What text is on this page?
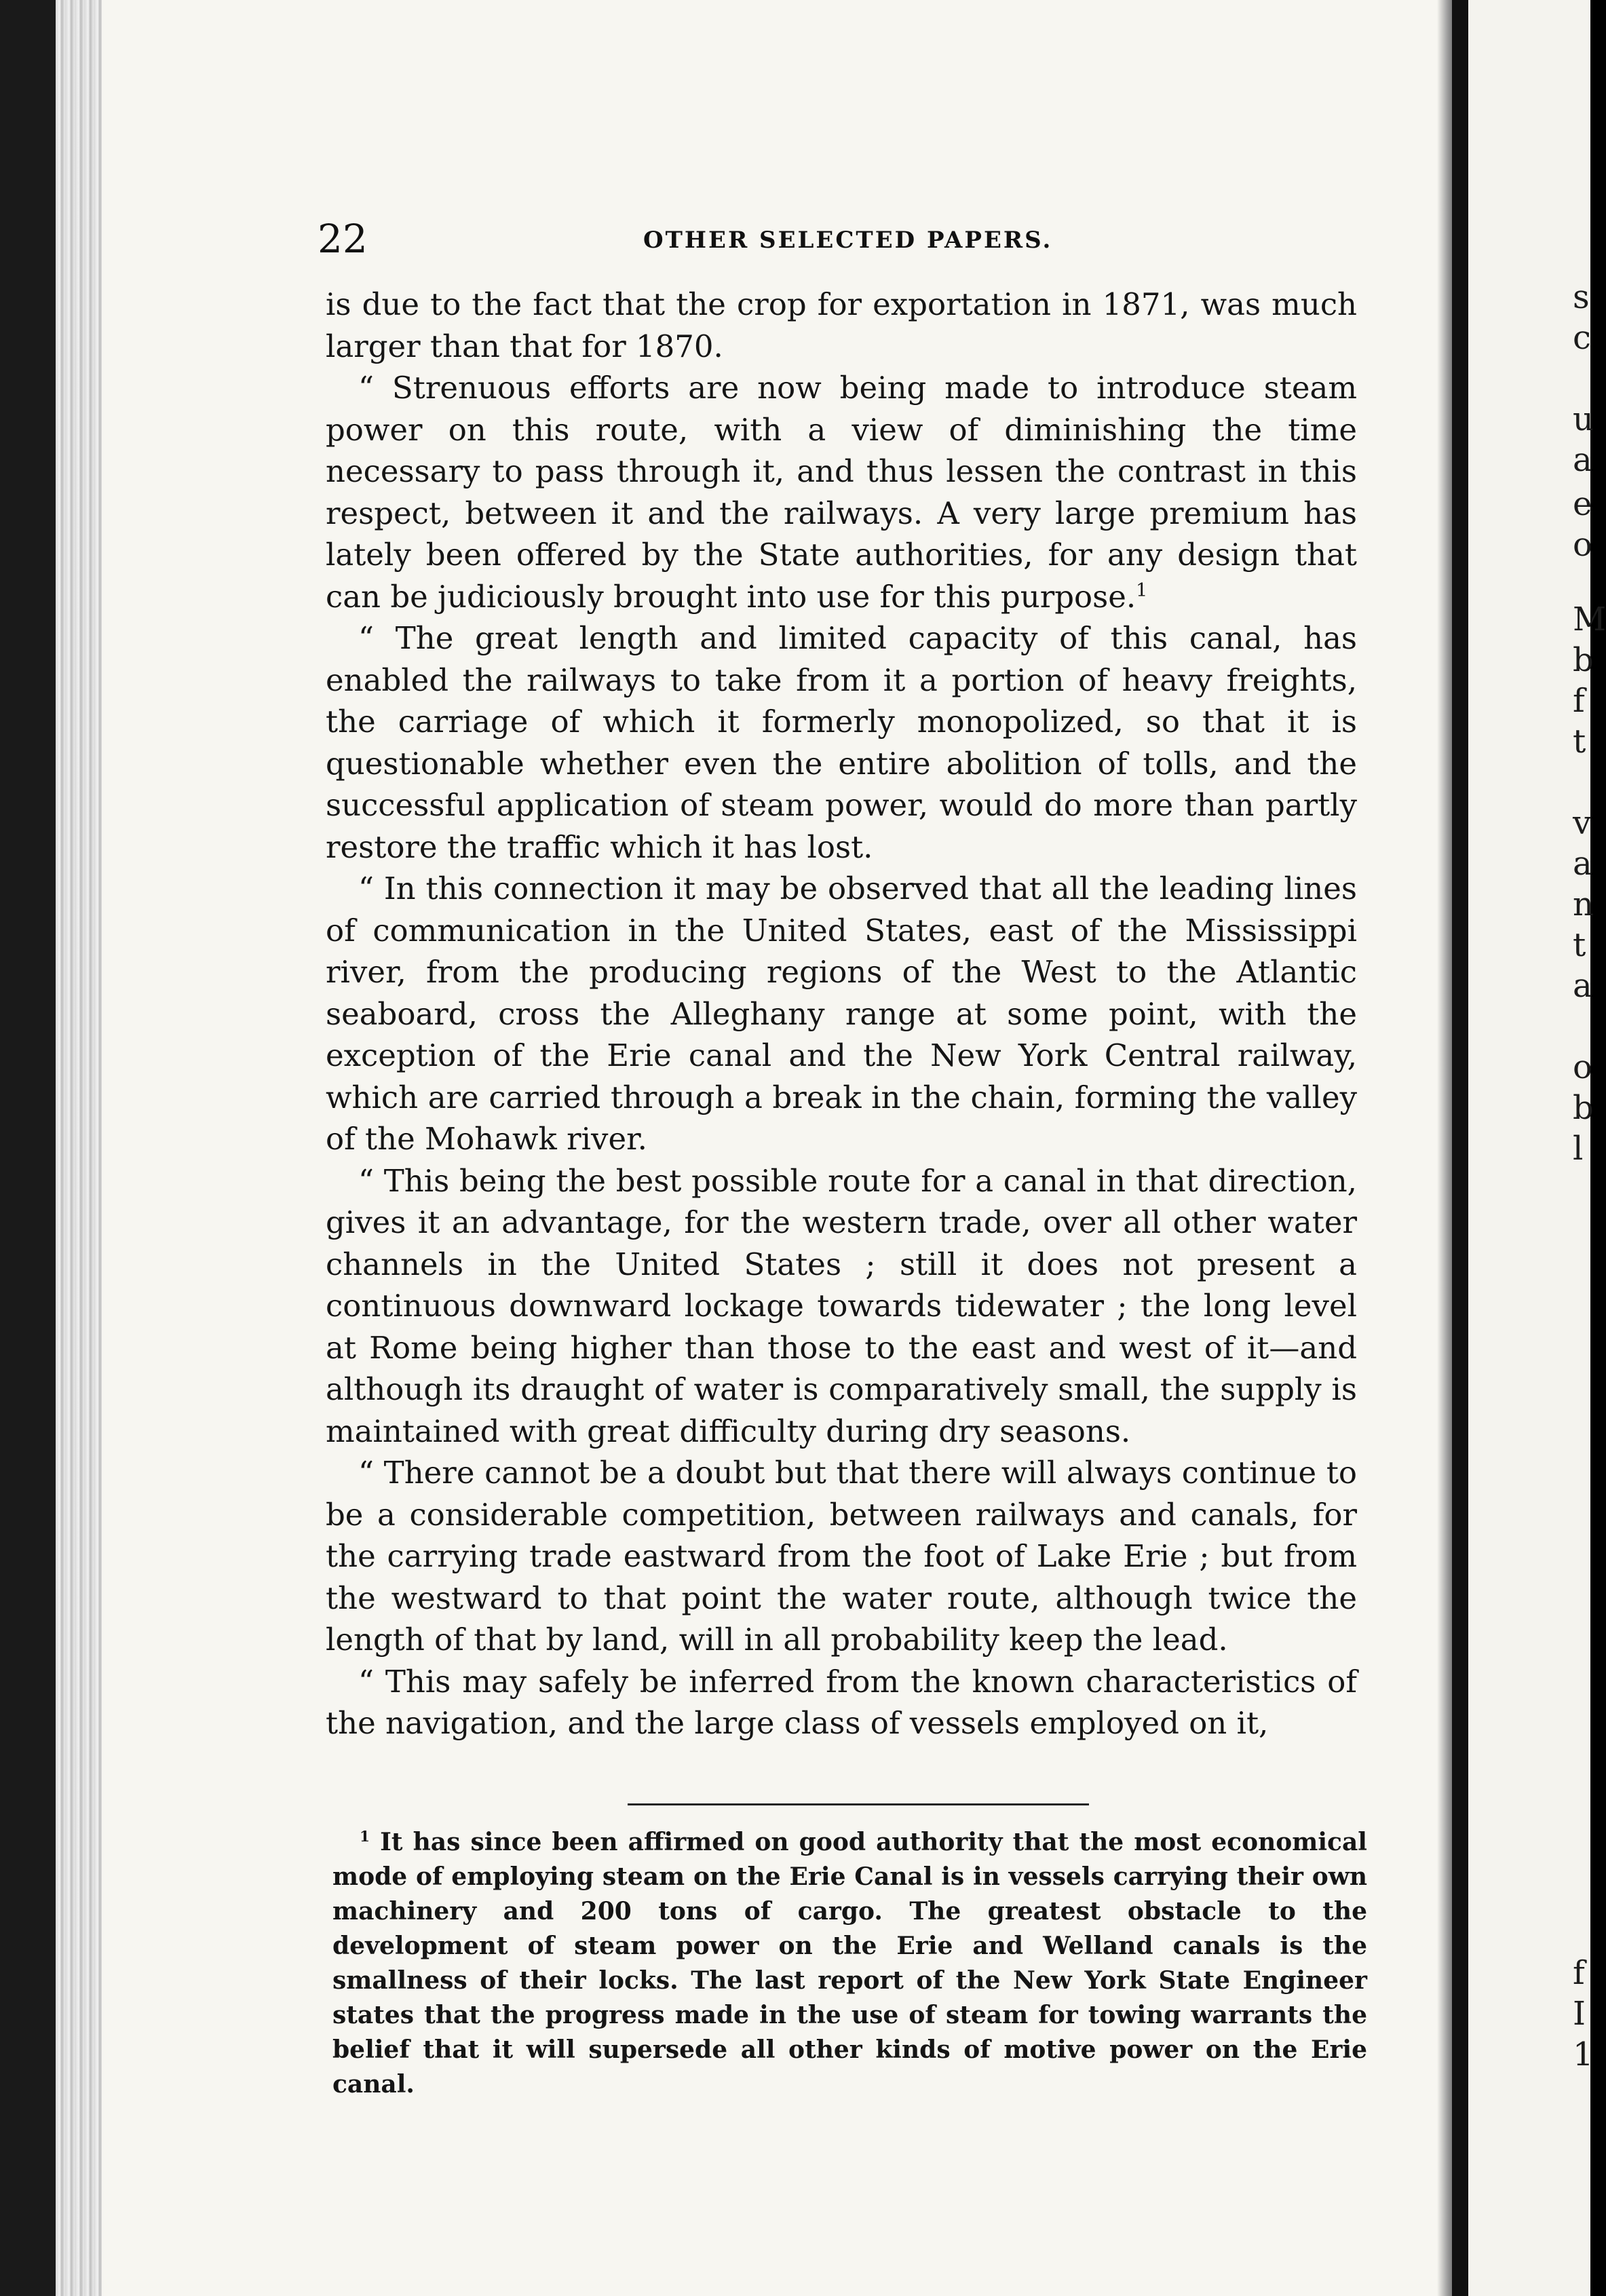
22	OTHER SELECTED PAPERS.

is due to the fact that the crop for exportation in 1871, was much larger than that for 1870.

“ Strenuous efforts are now being made to introduce steam power on this route, with a view of diminishing the time necessary to pass through it, and thus lessen the contrast in this respect, between it and the railways. A very large premium has lately been offered by the State authorities, for any design that can be judiciously brought into use for this purpose.$^1$

“ The great length and limited capacity of this canal, has enabled the railways to take from it a portion of heavy freights, the carriage of which it formerly monopolized, so that it is questionable whether even the entire abolition of tolls, and the successful application of steam power, would do more than partly restore the traffic which it has lost.

“ In this connection it may be observed that all the leading lines of communication in the United States, east of the Mississippi river, from the producing regions of the West to the Atlantic seaboard, cross the Alleghany range at some point, with the exception of the Erie canal and the New York Central railway, which are carried through a break in the chain, forming the valley of the Mohawk river.

“ This being the best possible route for a canal in that direction, gives it an advantage, for the western trade, over all other water channels in the United States ; still it does not present a continuous downward lockage towards tidewater ; the long level at Rome being higher than those to the east and west of it—and although its draught of water is comparatively small, the supply is maintained with great difficulty during dry seasons.

“ There cannot be a doubt but that there will always continue to be a considerable competition, between railways and canals, for the carrying trade eastward from the foot of Lake Erie ; but from the westward to that point the water route, although twice the length of that by land, will in all probability keep the lead.

“ This may safely be inferred from the known characteristics of the navigation, and the large class of vessels employed on it,

$^1$ It has since been affirmed on good authority that the most economical mode of employing steam on the Erie Canal is in vessels carrying their own machinery and 200 tons of cargo. The greatest obstacle to the development of steam power on the Erie and Welland canals is the smallness of their locks. The last report of the New York State Engineer states that the progress made in the use of steam for towing warrants the belief that it will supersede all other kinds of motive power on the Erie canal.

s
c
u
a
e
o
M
b
f
t
v
a
n
t
a
o
b
l
f
I
1
